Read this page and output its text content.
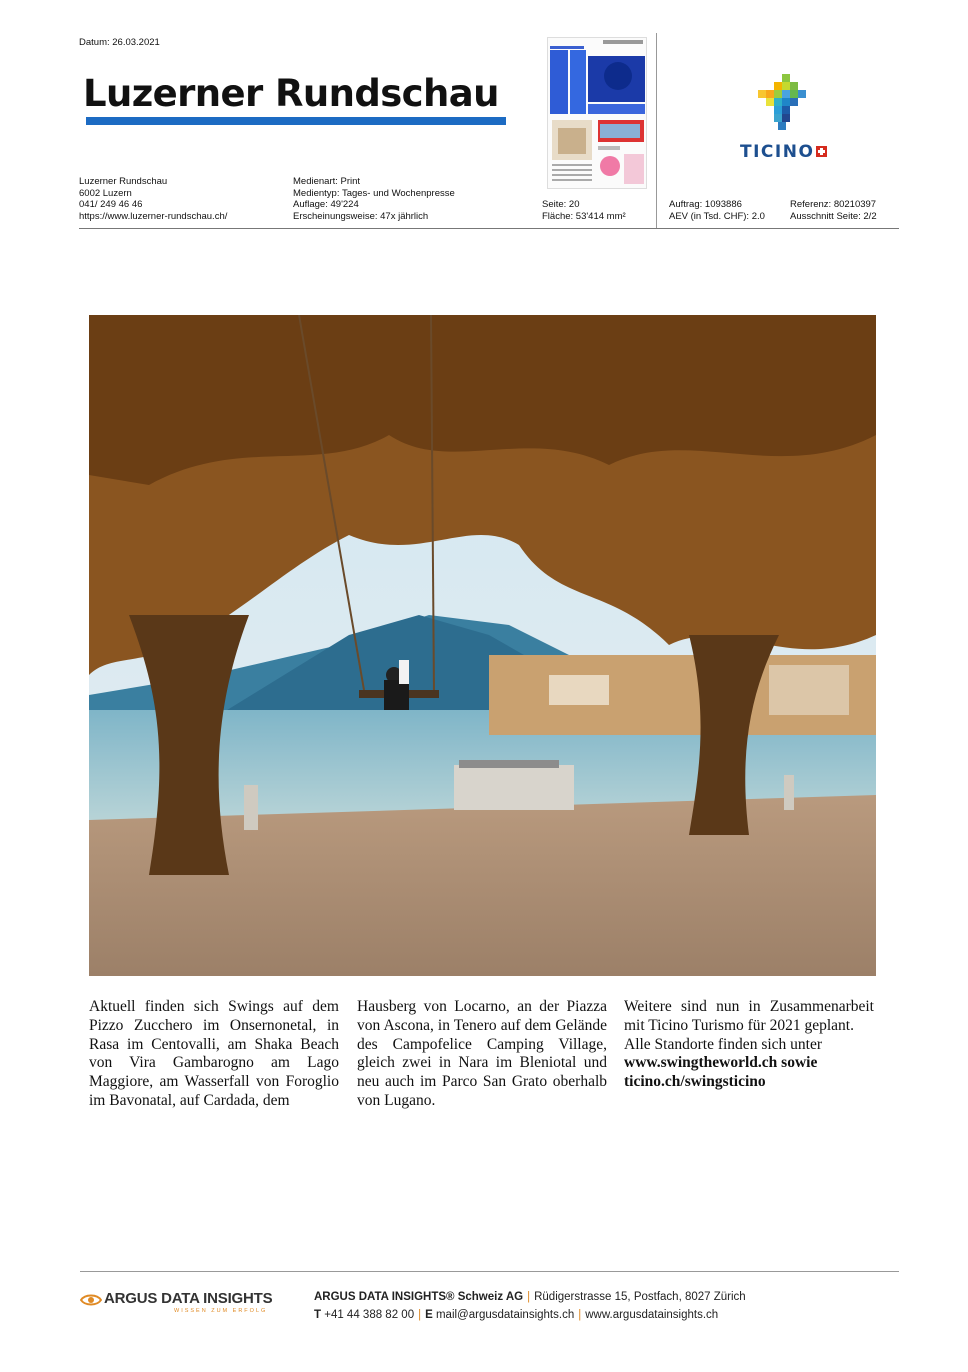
Datum: 26.03.2021
Luzerner Rundschau
TICINO
Luzerner Rundschau
6002 Luzern
041/ 249 46 46
https://www.luzerner-rundschau.ch/
Medienart: Print
Medientyp: Tages- und Wochenpresse
Auflage: 49'224
Erscheinungsweise: 47x jährlich
Seite: 20
Fläche: 53'414 mm²
Auftrag: 1093886
AEV (in Tsd. CHF): 2.0
Referenz: 80210397
Ausschnitt Seite: 2/2

Aktuell finden sich Swings auf dem Pizzo Zucchero im Onsernonetal, in Rasa im Centovalli, am Shaka Beach von Vira Gambarogno am Lago Maggiore, am Wasserfall von Foroglio im Bavonatal, auf Cardada, dem

Hausberg von Locarno, an der Piazza von Ascona, in Tenero auf dem Gelände des Campofelice Camping Village, gleich zwei in Nara im Bleniotal und neu auch im Parco San Grato oberhalb von Lugano.

Weitere sind nun in Zusammenarbeit mit Ticino Turismo für 2021 geplant.

Alle Standorte finden sich unter

www.swingtheworld.ch sowie

ticino.ch/swingsticino

ARGUS DATA INSIGHTS
WISSEN ZUM ERFOLG
ARGUS DATA INSIGHTS® Schweiz AG | Rüdigerstrasse 15, Postfach, 8027 Zürich
T +41 44 388 82 00 | E mail@argusdatainsights.ch | www.argusdatainsights.ch
